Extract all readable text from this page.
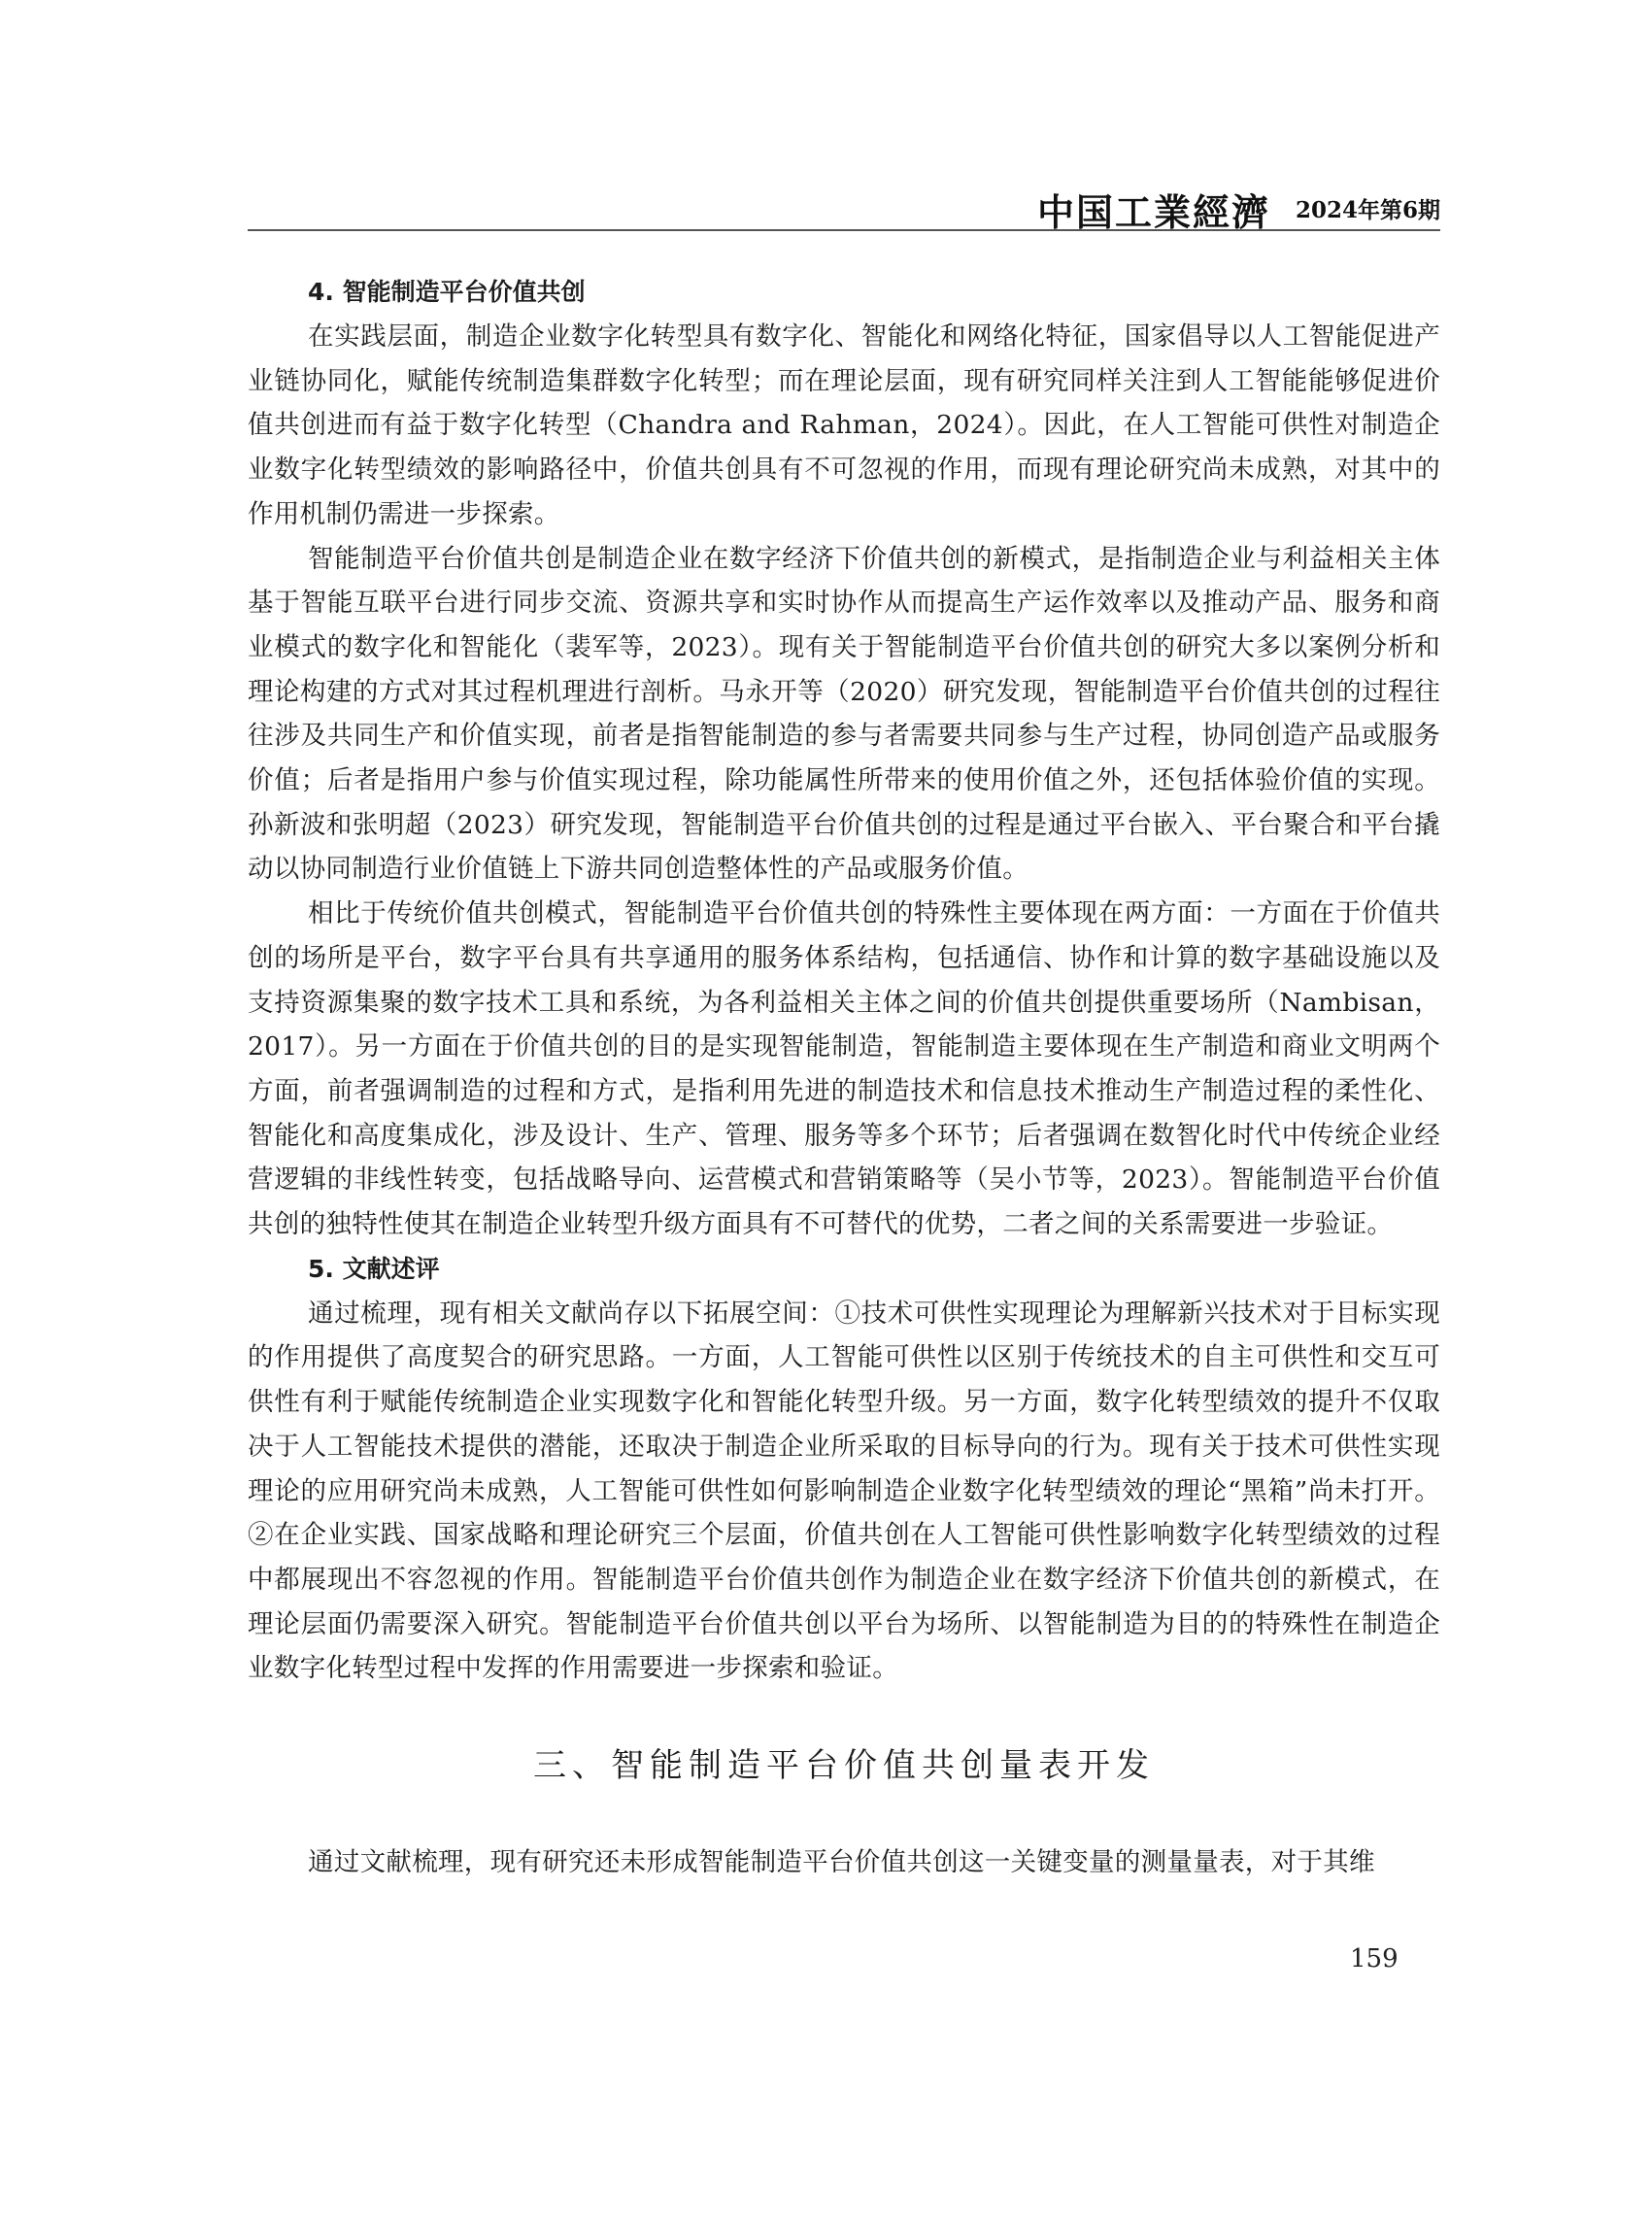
中国工業經濟 2024年第6期
4. 智能制造平台价值共创

在实践层面，制造企业数字化转型具有数字化、智能化和网络化特征，国家倡导以人工智能促进产业链协同化，赋能传统制造集群数字化转型；而在理论层面，现有研究同样关注到人工智能能够促进价值共创进而有益于数字化转型（Chandra and Rahman，2024）。因此，在人工智能可供性对制造企业数字化转型绩效的影响路径中，价值共创具有不可忽视的作用，而现有理论研究尚未成熟，对其中的作用机制仍需进一步探索。

智能制造平台价值共创是制造企业在数字经济下价值共创的新模式，是指制造企业与利益相关主体基于智能互联平台进行同步交流、资源共享和实时协作从而提高生产运作效率以及推动产品、服务和商业模式的数字化和智能化（裴军等，2023）。现有关于智能制造平台价值共创的研究大多以案例分析和理论构建的方式对其过程机理进行剖析。马永开等（2020）研究发现，智能制造平台价值共创的过程往往涉及共同生产和价值实现，前者是指智能制造的参与者需要共同参与生产过程，协同创造产品或服务价值；后者是指用户参与价值实现过程，除功能属性所带来的使用价值之外，还包括体验价值的实现。孙新波和张明超（2023）研究发现，智能制造平台价值共创的过程是通过平台嵌入、平台聚合和平台撬动以协同制造行业价值链上下游共同创造整体性的产品或服务价值。

相比于传统价值共创模式，智能制造平台价值共创的特殊性主要体现在两方面：一方面在于价值共创的场所是平台，数字平台具有共享通用的服务体系结构，包括通信、协作和计算的数字基础设施以及支持资源集聚的数字技术工具和系统，为各利益相关主体之间的价值共创提供重要场所（Nambisan，2017）。另一方面在于价值共创的目的是实现智能制造，智能制造主要体现在生产制造和商业文明两个方面，前者强调制造的过程和方式，是指利用先进的制造技术和信息技术推动生产制造过程的柔性化、智能化和高度集成化，涉及设计、生产、管理、服务等多个环节；后者强调在数智化时代中传统企业经营逻辑的非线性转变，包括战略导向、运营模式和营销策略等（吴小节等，2023）。智能制造平台价值共创的独特性使其在制造企业转型升级方面具有不可替代的优势，二者之间的关系需要进一步验证。

5. 文献述评

通过梳理，现有相关文献尚存以下拓展空间：①技术可供性实现理论为理解新兴技术对于目标实现的作用提供了高度契合的研究思路。一方面，人工智能可供性以区别于传统技术的自主可供性和交互可供性有利于赋能传统制造企业实现数字化和智能化转型升级。另一方面，数字化转型绩效的提升不仅取决于人工智能技术提供的潜能，还取决于制造企业所采取的目标导向的行为。现有关于技术可供性实现理论的应用研究尚未成熟，人工智能可供性如何影响制造企业数字化转型绩效的理论“黑箱”尚未打开。②在企业实践、国家战略和理论研究三个层面，价值共创在人工智能可供性影响数字化转型绩效的过程中都展现出不容忽视的作用。智能制造平台价值共创作为制造企业在数字经济下价值共创的新模式，在理论层面仍需要深入研究。智能制造平台价值共创以平台为场所、以智能制造为目的的特殊性在制造企业数字化转型过程中发挥的作用需要进一步探索和验证。

三、智能制造平台价值共创量表开发

通过文献梳理，现有研究还未形成智能制造平台价值共创这一关键变量的测量量表，对于其维

159
